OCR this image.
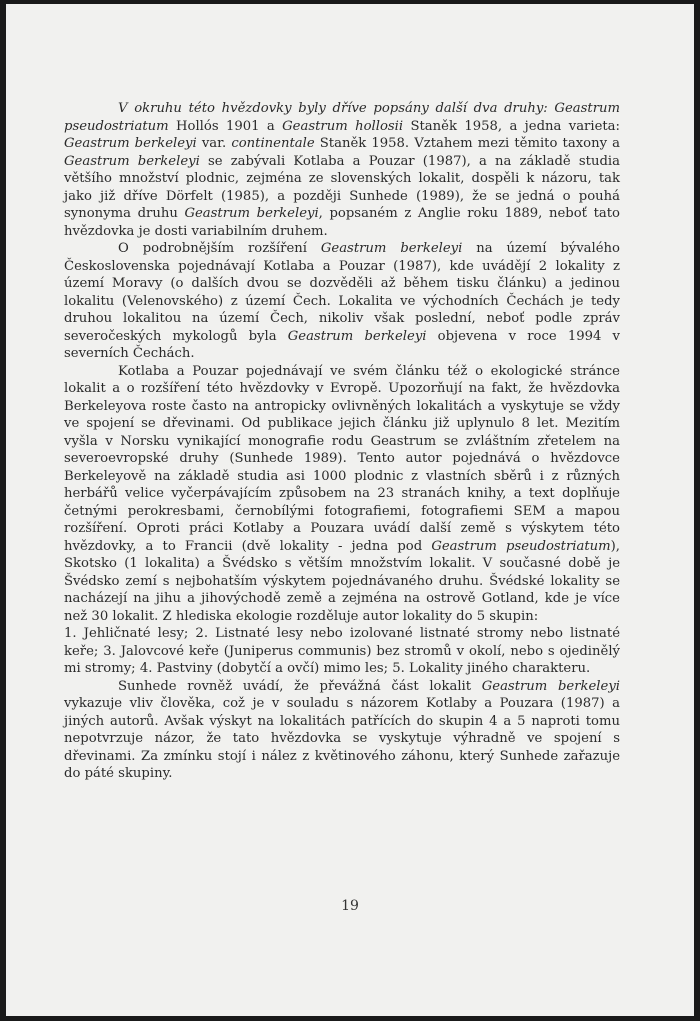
V okruhu této hvězdovky byly dříve popsány další dva druhy: Geastrum pseudostriatum Hollós 1901 a Geastrum hollosii Staněk 1958, a jedna varieta: Geastrum berkeleyi var. continentale Staněk 1958. Vztahem mezi těmito taxony a Geastrum berkeleyi se zabývali Kotlaba a Pouzar (1987), a na základě studia většího množství plodnic, zejména ze slovenských lokalit, dospěli k názoru, tak jako již dříve Dörfelt (1985), a později Sunhede (1989), že se jedná o pouhá synonyma druhu Geastrum berkeleyi, popsaném z Anglie roku 1889, neboť tato hvězdovka je dosti variabilním druhem.

O podrobnějším rozšíření Geastrum berkeleyi na území bývalého Československa pojednávají Kotlaba a Pouzar (1987), kde uvádějí 2 lokality z území Moravy (o dalších dvou se dozvěděli až během tisku článku) a jedinou lokalitu (Velenovského) z území Čech. Lokalita ve východních Čechách je tedy druhou lokalitou na území Čech, nikoliv však poslední, neboť podle zpráv severočeských mykologů byla Geastrum berkeleyi objevena v roce 1994 v severních Čechách.

Kotlaba a Pouzar pojednávají ve svém článku též o ekologické stránce lokalit a o rozšíření této hvězdovky v Evropě. Upozorňují na fakt, že hvězdovka Berkeleyova roste často na antropicky ovlivněných lokalitách a vyskytuje se vždy ve spojení se dřevinami. Od publikace jejich článku již uplynulo 8 let. Mezitím vyšla v Norsku vynikající monografie rodu Geastrum se zvláštním zřetelem na severoevropské druhy (Sunhede 1989). Tento autor pojednává o hvězdovce Berkeleyově na základě studia asi 1000 plodnic z vlastních sběrů i z různých herbářů velice vyčerpávajícím způsobem na 23 stranách knihy, a text doplňuje četnými perokresbami, černobílými fotografiemi, fotografiemi SEM a mapou rozšíření. Oproti práci Kotlaby a Pouzara uvádí další země s výskytem této hvězdovky, a to Francii (dvě lokality - jedna pod Geastrum pseudostriatum), Skotsko (1 lokalita) a Švédsko s větším množstvím lokalit. V současné době je Švédsko zemí s nejbohatším výskytem pojednávaného druhu. Švédské lokality se nacházejí na jihu a jihovýchodě země a zejména na ostrově Gotland, kde je více než 30 lokalit. Z hlediska ekologie rozděluje autor lokality do 5 skupin:

1. Jehličnaté lesy; 2. Listnaté lesy nebo izolované listnaté stromy nebo listnaté keře; 3. Jalovcové keře (Juniperus communis) bez stromů v okolí, nebo s ojedinělý mi stromy; 4. Pastviny (dobytčí a ovčí) mimo les; 5. Lokality jiného charakteru.

Sunhede rovněž uvádí, že převážná část lokalit Geastrum berkeleyi vykazuje vliv člověka, což je v souladu s názorem Kotlaby a Pouzara (1987) a jiných autorů. Avšak výskyt na lokalitách patřících do skupin 4 a 5 naproti tomu nepotvrzuje názor, že tato hvězdovka se vyskytuje výhradně ve spojení s dřevinami. Za zmínku stojí i nález z květinového záhonu, který Sunhede zařazuje do páté skupiny.

19
